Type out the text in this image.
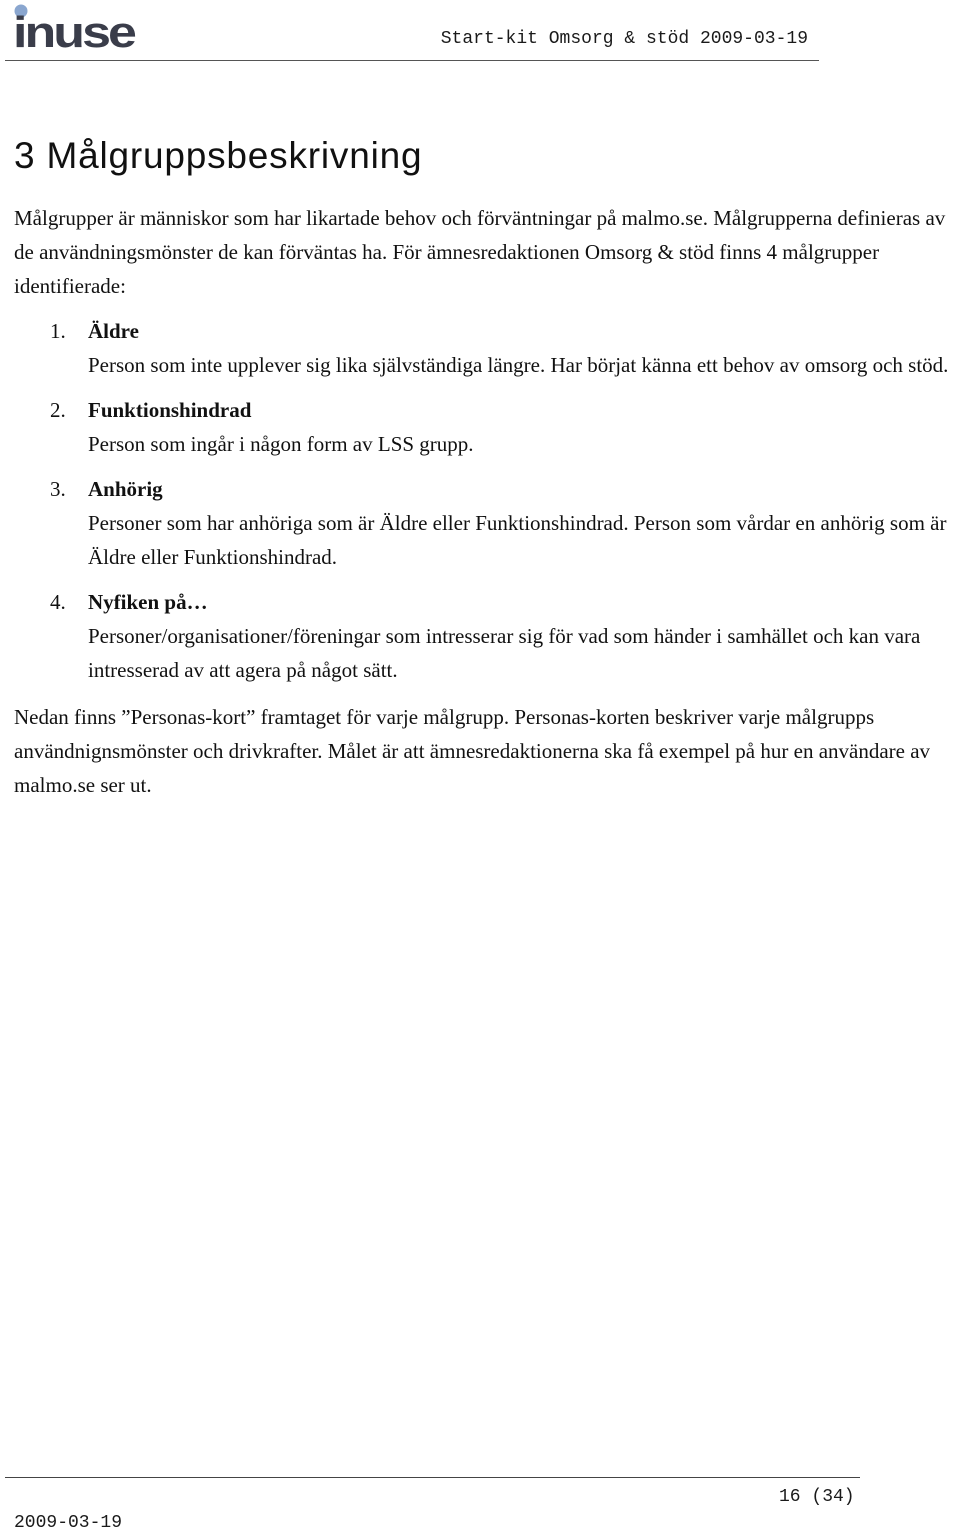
inuse	Start-kit Omsorg & stöd 2009-03-19
3 Målgruppsbeskrivning

Målgrupper är människor som har likartade behov och förväntningar på malmo.se. Målgrupperna definieras av de användningsmönster de kan förväntas ha. För ämnesredaktionen Omsorg & stöd finns 4 målgrupper identifierade:

1. Äldre
Person som inte upplever sig lika självständiga längre. Har börjat känna ett behov av omsorg och stöd.
2. Funktionshindrad
Person som ingår i någon form av LSS grupp.
3. Anhörig
Personer som har anhöriga som är Äldre eller Funktionshindrad. Person som vårdar en anhörig som är Äldre eller Funktionshindrad.
4. Nyfiken på…
Personer/organisationer/föreningar som intresserar sig för vad som händer i samhället och kan vara intresserad av att agera på något sätt.

Nedan finns ”Personas-kort” framtaget för varje målgrupp. Personas-korten beskriver varje målgrupps användnignsmönster och drivkrafter. Målet är att ämnesredaktionerna ska få exempel på hur en användare av malmo.se ser ut.

16 (34)
2009-03-19
